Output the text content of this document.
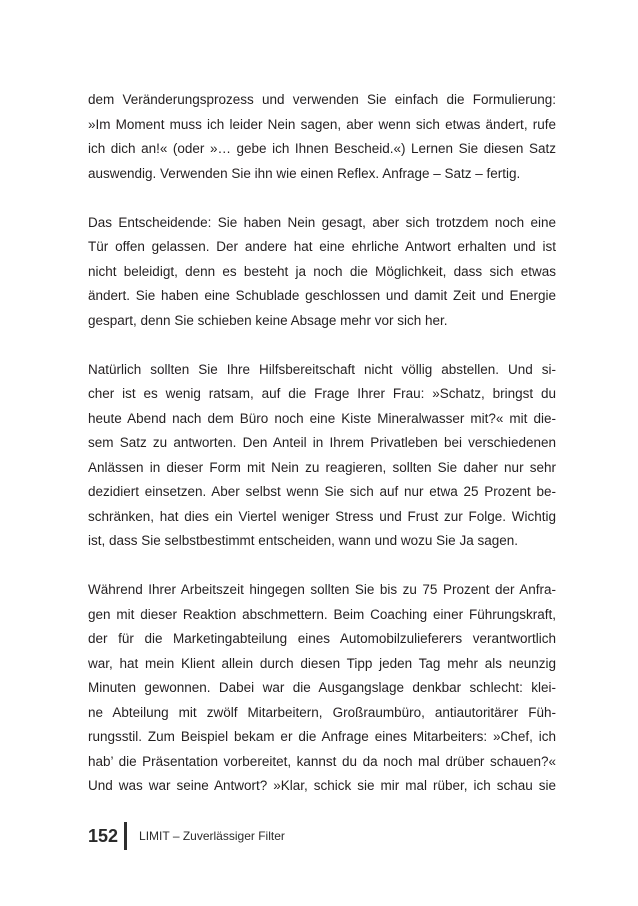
dem Veränderungsprozess und verwenden Sie einfach die Formulierung:
»Im Moment muss ich leider Nein sagen, aber wenn sich etwas ändert, rufe
ich dich an!« (oder »… gebe ich Ihnen Bescheid.«) Lernen Sie diesen Satz
auswendig. Verwenden Sie ihn wie einen Reflex. Anfrage – Satz – fertig.
Das Entscheidende: Sie haben Nein gesagt, aber sich trotzdem noch eine
Tür offen gelassen. Der andere hat eine ehrliche Antwort erhalten und ist
nicht beleidigt, denn es besteht ja noch die Möglichkeit, dass sich etwas
ändert. Sie haben eine Schublade geschlossen und damit Zeit und Energie
gespart, denn Sie schieben keine Absage mehr vor sich her.
Natürlich sollten Sie Ihre Hilfsbereitschaft nicht völlig abstellen. Und si-
cher ist es wenig ratsam, auf die Frage Ihrer Frau: »Schatz, bringst du
heute Abend nach dem Büro noch eine Kiste Mineralwasser mit?« mit die-
sem Satz zu antworten. Den Anteil in Ihrem Privatleben bei verschiedenen
Anlässen in dieser Form mit Nein zu reagieren, sollten Sie daher nur sehr
dezidiert einsetzen. Aber selbst wenn Sie sich auf nur etwa 25 Prozent be-
schränken, hat dies ein Viertel weniger Stress und Frust zur Folge. Wichtig
ist, dass Sie selbstbestimmt entscheiden, wann und wozu Sie Ja sagen.
Während Ihrer Arbeitszeit hingegen sollten Sie bis zu 75 Prozent der Anfra-
gen mit dieser Reaktion abschmettern. Beim Coaching einer Führungskraft,
der für die Marketingabteilung eines Automobilzulieferers verantwortlich
war, hat mein Klient allein durch diesen Tipp jeden Tag mehr als neunzig
Minuten gewonnen. Dabei war die Ausgangslage denkbar schlecht: klei-
ne Abteilung mit zwölf Mitarbeitern, Großraumbüro, antiautoritärer Füh-
rungsstil. Zum Beispiel bekam er die Anfrage eines Mitarbeiters: »Chef, ich
hab’ die Präsentation vorbereitet, kannst du da noch mal drüber schauen?«
Und was war seine Antwort? »Klar, schick sie mir mal rüber, ich schau sie
152 LIMIT – Zuverlässiger Filter
